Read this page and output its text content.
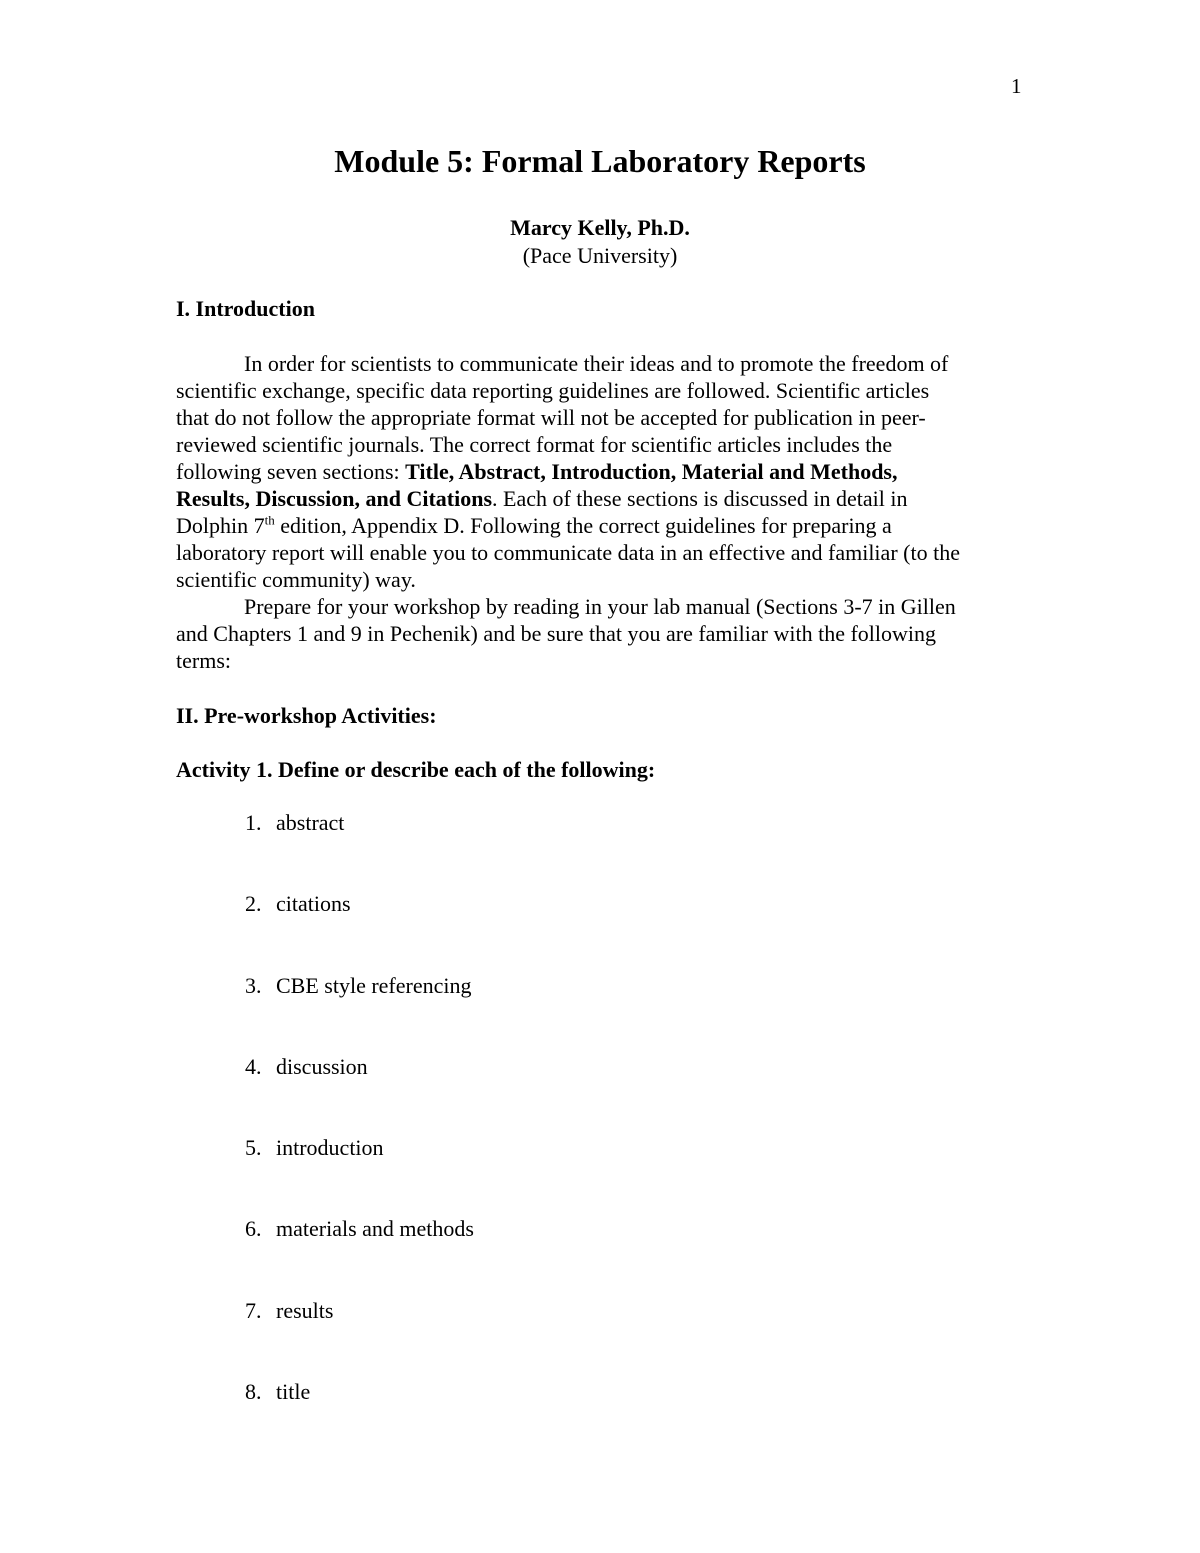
1
Module 5: Formal Laboratory Reports
Marcy Kelly, Ph.D.
(Pace University)
I. Introduction
In order for scientists to communicate their ideas and to promote the freedom of
scientific exchange, specific data reporting guidelines are followed. Scientific articles
that do not follow the appropriate format will not be accepted for publication in peer-
reviewed scientific journals. The correct format for scientific articles includes the
following seven sections: Title, Abstract, Introduction, Material and Methods,
Results, Discussion, and Citations. Each of these sections is discussed in detail in
Dolphin 7th edition, Appendix D. Following the correct guidelines for preparing a
laboratory report will enable you to communicate data in an effective and familiar (to the
scientific community) way.
Prepare for your workshop by reading in your lab manual (Sections 3-7 in Gillen
and Chapters 1 and 9 in Pechenik) and be sure that you are familiar with the following
terms:
II. Pre-workshop Activities:
Activity 1. Define or describe each of the following:
1. abstract
2. citations
3. CBE style referencing
4. discussion
5. introduction
6. materials and methods
7. results
8. title
